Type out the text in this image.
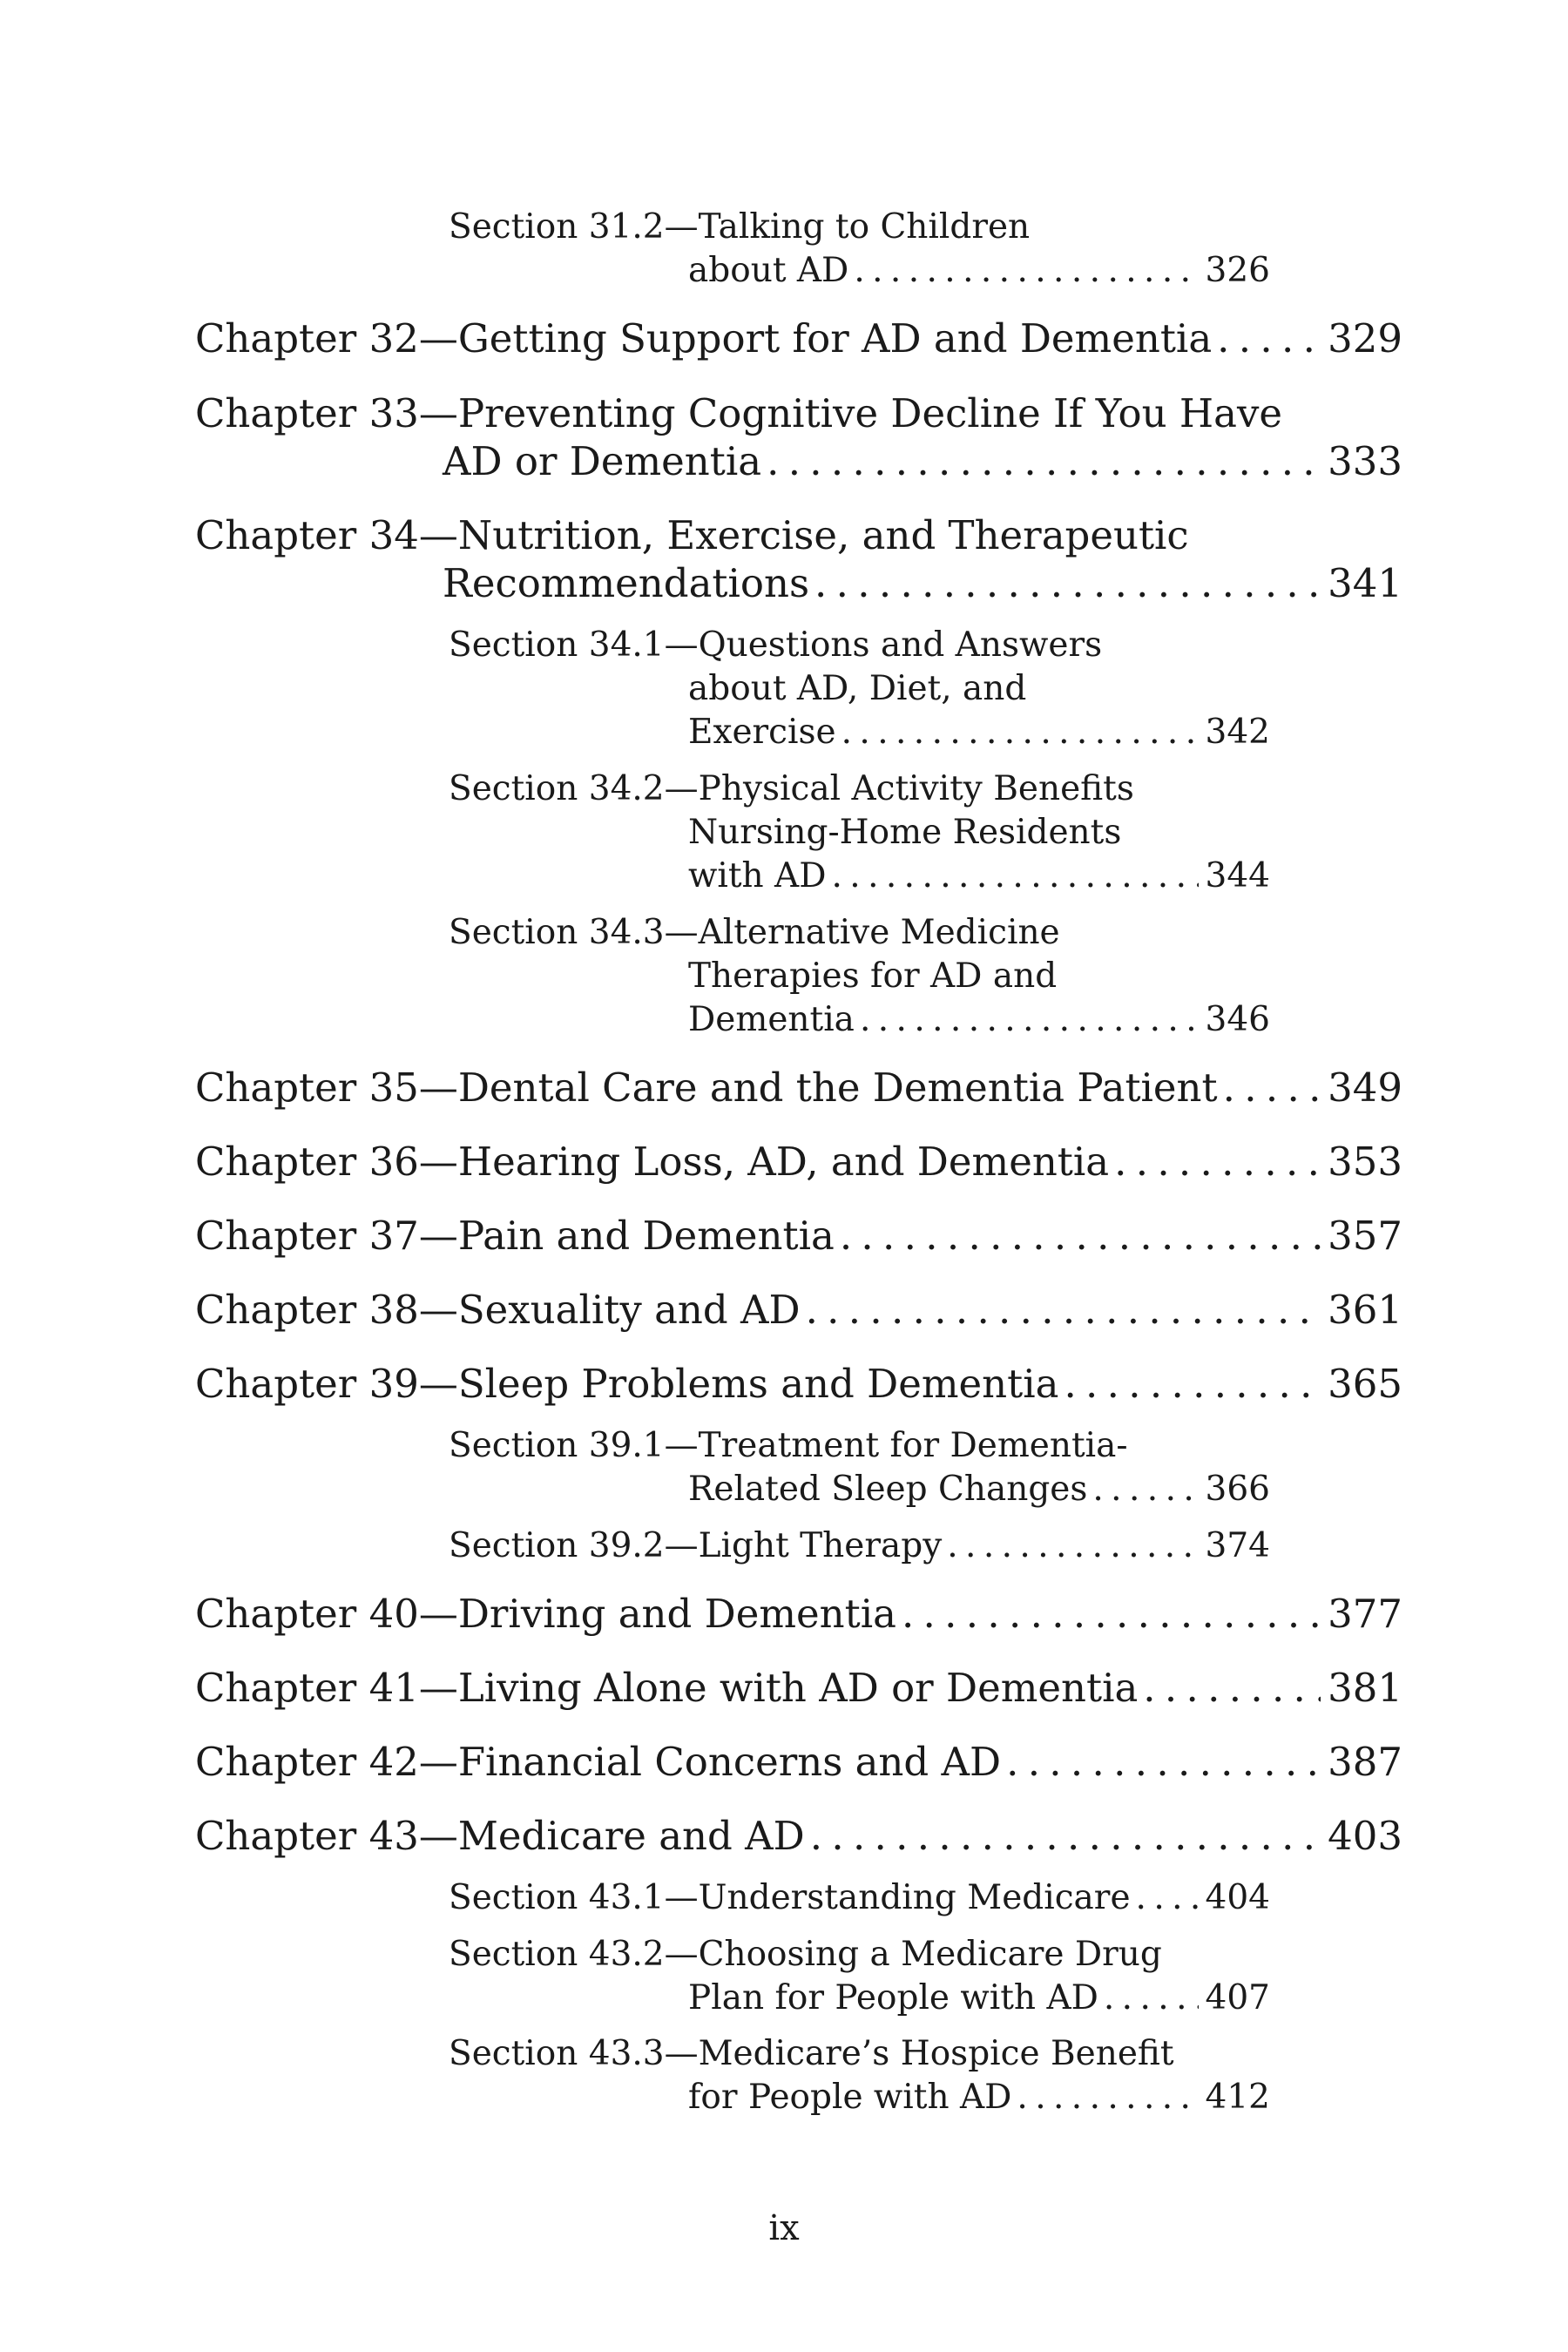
Section 31.2—Talking to Children
about AD . . .	326
Chapter 32—Getting Support for AD and Dementia . . .	329
Chapter 33—Preventing Cognitive Decline If You Have
AD or Dementia . . .	333
Chapter 34—Nutrition, Exercise, and Therapeutic
Recommendations . . .	341
Section 34.1—Questions and Answers
about AD, Diet, and
Exercise . . .	342
Section 34.2—Physical Activity Benefits
Nursing-Home Residents
with AD . . .	344
Section 34.3—Alternative Medicine
Therapies for AD and
Dementia . . .	346
Chapter 35—Dental Care and the Dementia Patient . . .	349
Chapter 36—Hearing Loss, AD, and Dementia . . .	353
Chapter 37—Pain and Dementia . . .	357
Chapter 38—Sexuality and AD . . .	361
Chapter 39—Sleep Problems and Dementia . . .	365
Section 39.1—Treatment for Dementia-
Related Sleep Changes . . .	366
Section 39.2—Light Therapy . . .	374
Chapter 40—Driving and Dementia . . .	377
Chapter 41—Living Alone with AD or Dementia . . .	381
Chapter 42—Financial Concerns and AD . . .	387
Chapter 43—Medicare and AD . . .	403
Section 43.1—Understanding Medicare . . . 404
Section 43.2—Choosing a Medicare Drug
Plan for People with AD . . .	407
Section 43.3—Medicare’s Hospice Benefit
for People with AD . . .	412
ix
